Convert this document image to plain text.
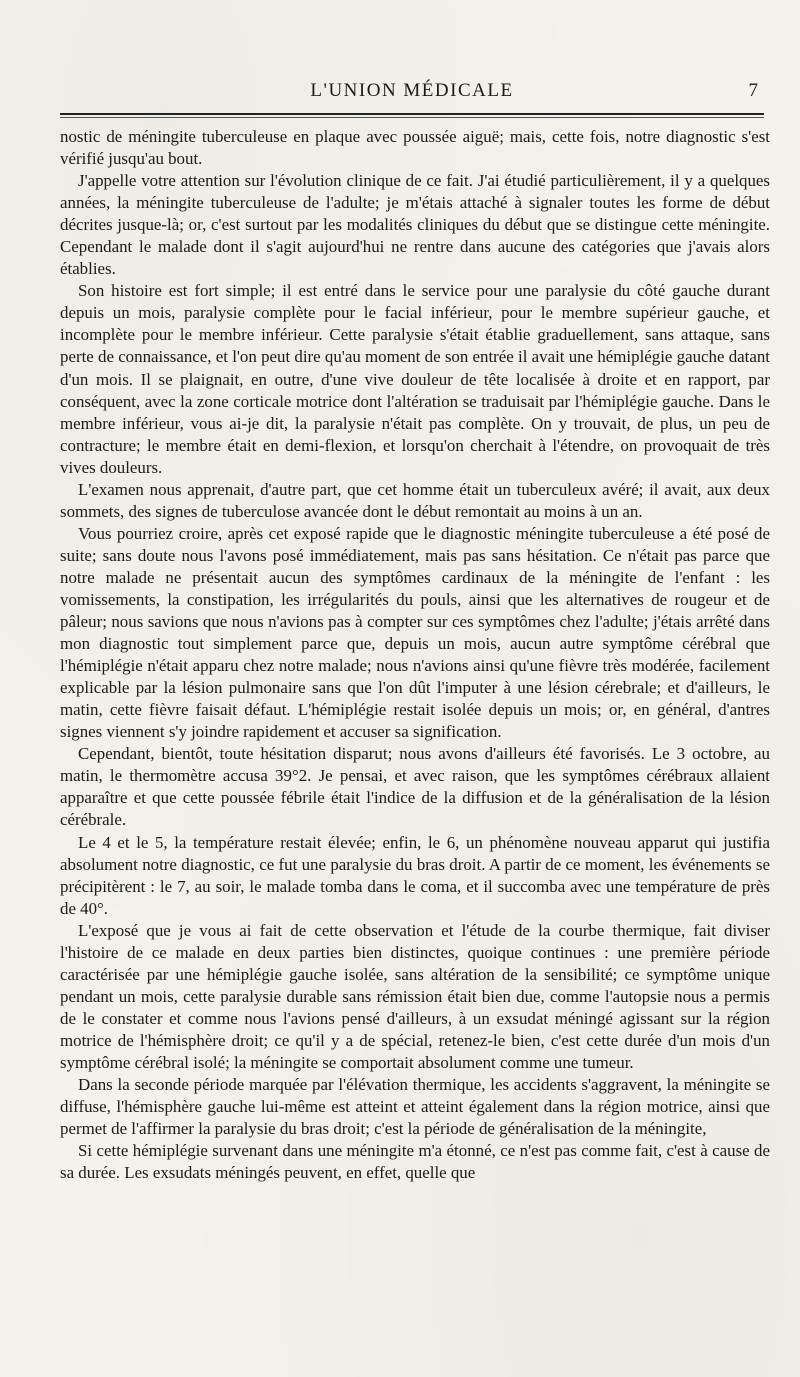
L'UNION MÉDICALE	7

nostic de méningite tuberculeuse en plaque avec poussée aiguë; mais, cette fois, notre diagnostic s'est vérifié jusqu'au bout.

J'appelle votre attention sur l'évolution clinique de ce fait. J'ai étudié particulièrement, il y a quelques années, la méningite tuberculeuse de l'adulte; je m'étais attaché à signaler toutes les forme de début décrites jusque-là; or, c'est surtout par les modalités cliniques du début que se distingue cette méningite. Cependant le malade dont il s'agit aujourd'hui ne rentre dans aucune des catégories que j'avais alors établies.

Son histoire est fort simple; il est entré dans le service pour une paralysie du côté gauche durant depuis un mois, paralysie complète pour le facial inférieur, pour le membre supérieur gauche, et incomplète pour le membre inférieur. Cette paralysie s'était établie graduellement, sans attaque, sans perte de connaissance, et l'on peut dire qu'au moment de son entrée il avait une hémiplégie gauche datant d'un mois. Il se plaignait, en outre, d'une vive douleur de tête localisée à droite et en rapport, par conséquent, avec la zone corticale motrice dont l'altération se traduisait par l'hémiplégie gauche. Dans le membre inférieur, vous ai-je dit, la paralysie n'était pas complète. On y trouvait, de plus, un peu de contracture; le membre était en demi-flexion, et lorsqu'on cherchait à l'étendre, on provoquait de très vives douleurs.

L'examen nous apprenait, d'autre part, que cet homme était un tuberculeux avéré; il avait, aux deux sommets, des signes de tuberculose avancée dont le début remontait au moins à un an.

Vous pourriez croire, après cet exposé rapide que le diagnostic méningite tuberculeuse a été posé de suite; sans doute nous l'avons posé immédiatement, mais pas sans hésitation. Ce n'était pas parce que notre malade ne présentait aucun des symptômes cardinaux de la méningite de l'enfant : les vomissements, la constipation, les irrégularités du pouls, ainsi que les alternatives de rougeur et de pâleur; nous savions que nous n'avions pas à compter sur ces symptômes chez l'adulte; j'étais arrêté dans mon diagnostic tout simplement parce que, depuis un mois, aucun autre symptôme cérébral que l'hémiplégie n'était apparu chez notre malade; nous n'avions ainsi qu'une fièvre très modérée, facilement explicable par la lésion pulmonaire sans que l'on dût l'imputer à une lésion cérebrale; et d'ailleurs, le matin, cette fièvre faisait défaut. L'hémiplégie restait isolée depuis un mois; or, en général, d'antres signes viennent s'y joindre rapidement et accuser sa signification.

Cependant, bientôt, toute hésitation disparut; nous avons d'ailleurs été favorisés. Le 3 octobre, au matin, le thermomètre accusa 39°2. Je pensai, et avec raison, que les symptômes cérébraux allaient apparaître et que cette poussée fébrile était l'indice de la diffusion et de la généralisation de la lésion cérébrale.

Le 4 et le 5, la température restait élevée; enfin, le 6, un phénomène nouveau apparut qui justifia absolument notre diagnostic, ce fut une paralysie du bras droit. A partir de ce moment, les événements se précipitèrent : le 7, au soir, le malade tomba dans le coma, et il succomba avec une température de près de 40°.

L'exposé que je vous ai fait de cette observation et l'étude de la courbe thermique, fait diviser l'histoire de ce malade en deux parties bien distinctes, quoique continues : une première période caractérisée par une hémiplégie gauche isolée, sans altération de la sensibilité; ce symptôme unique pendant un mois, cette paralysie durable sans rémission était bien due, comme l'autopsie nous a permis de le constater et comme nous l'avions pensé d'ailleurs, à un exsudat méningé agissant sur la région motrice de l'hémisphère droit; ce qu'il y a de spécial, retenez-le bien, c'est cette durée d'un mois d'un symptôme cérébral isolé; la méningite se comportait absolument comme une tumeur.

Dans la seconde période marquée par l'élévation thermique, les accidents s'aggravent, la méningite se diffuse, l'hémisphère gauche lui-même est atteint et atteint également dans la région motrice, ainsi que permet de l'affirmer la paralysie du bras droit; c'est la période de généralisation de la méningite,

Si cette hémiplégie survenant dans une méningite m'a étonné, ce n'est pas comme fait, c'est à cause de sa durée. Les exsudats méningés peuvent, en effet, quelle que
